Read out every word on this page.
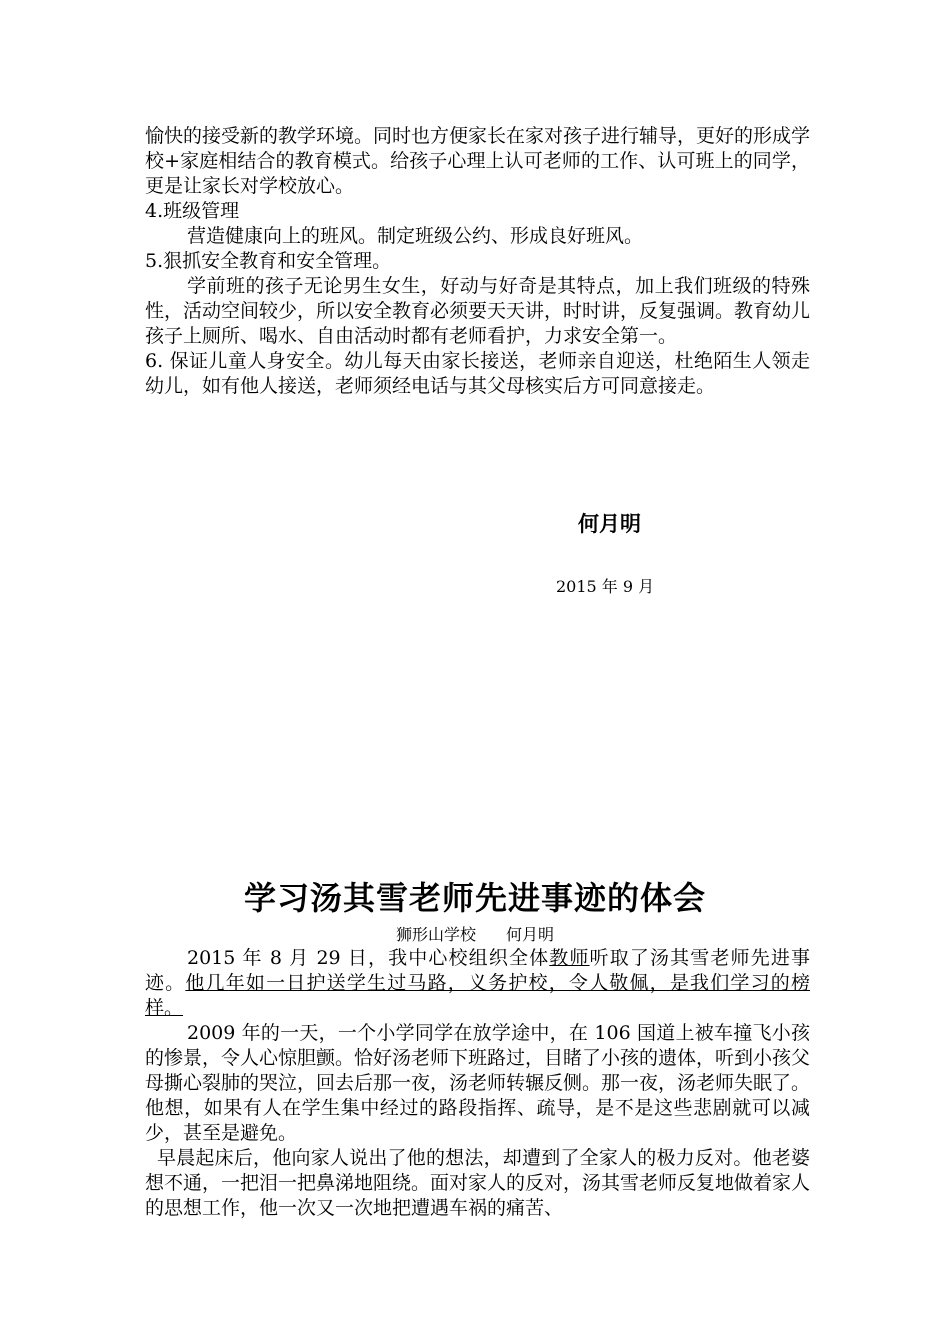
愉快的接受新的教学环境。同时也方便家长在家对孩子进行辅导，更好的形成学校+家庭相结合的教育模式。给孩子心理上认可老师的工作、认可班上的同学，更是让家长对学校放心。

4.班级管理

营造健康向上的班风。制定班级公约、形成良好班风。

5.狠抓安全教育和安全管理。

学前班的孩子无论男生女生，好动与好奇是其特点，加上我们班级的特殊性，活动空间较少，所以安全教育必须要天天讲，时时讲，反复强调。教育幼儿孩子上厕所、喝水、自由活动时都有老师看护，力求安全第一。

6. 保证儿童人身安全。幼儿每天由家长接送，老师亲自迎送，杜绝陌生人领走幼儿，如有他人接送，老师须经电话与其父母核实后方可同意接走。

何月明
2015 年 9 月
学习汤其雪老师先进事迹的体会
狮形山学校 何月明

2015 年 8 月 29 日，我中心校组织全体教师听取了汤其雪老师先进事迹。他几年如一日护送学生过马路，义务护校，令人敬佩，是我们学习的榜样。

2009 年的一天，一个小学同学在放学途中，在 106 国道上被车撞飞小孩的惨景，令人心惊胆颤。恰好汤老师下班路过，目睹了小孩的遗体，听到小孩父母撕心裂肺的哭泣，回去后那一夜，汤老师转辗反侧。那一夜，汤老师失眠了。他想，如果有人在学生集中经过的路段指挥、疏导，是不是这些悲剧就可以减少，甚至是避免。

早晨起床后，他向家人说出了他的想法，却遭到了全家人的极力反对。他老婆想不通，一把泪一把鼻涕地阻绕。面对家人的反对，汤其雪老师反复地做着家人的思想工作，他一次又一次地把遭遇车祸的痛苦、
